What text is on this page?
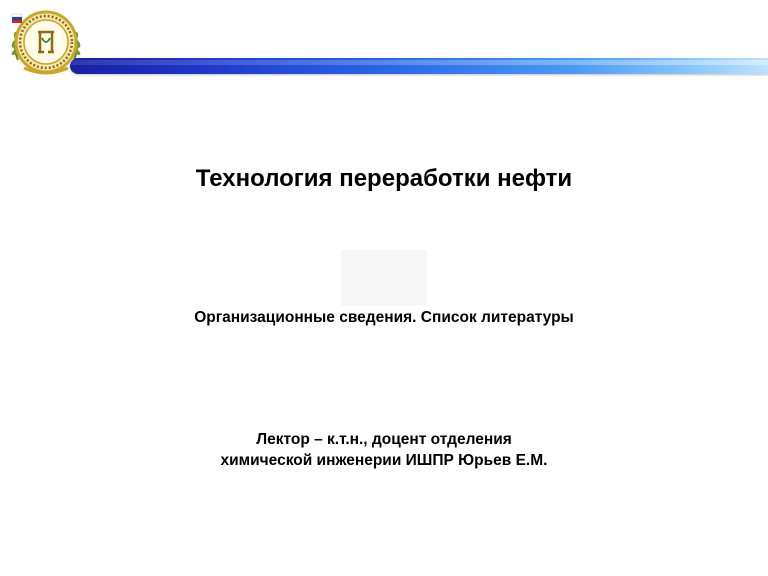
Технология переработки нефти
Организационные сведения. Список литературы
Лектор – к.т.н., доцент отделения
химической инженерии ИШПР Юрьев Е.М.
